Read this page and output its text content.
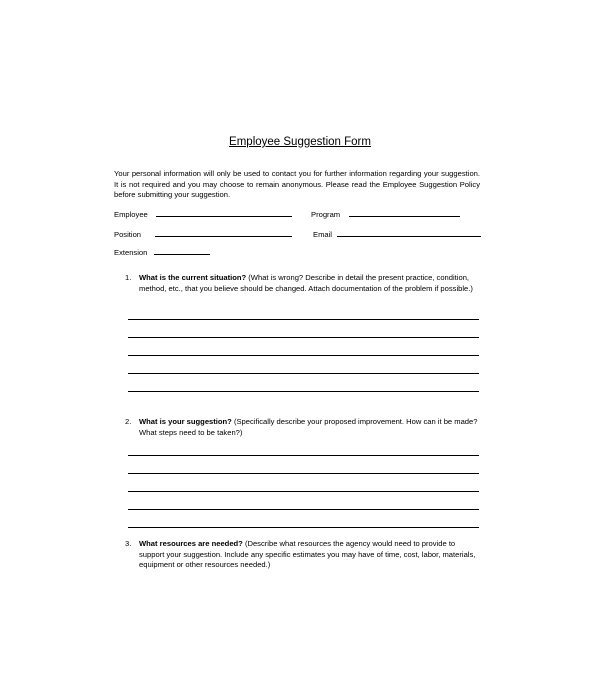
Employee Suggestion Form
Your personal information will only be used to contact you for further information regarding your suggestion. It is not required and you may choose to remain anonymous. Please read the Employee Suggestion Policy before submitting your suggestion.
Employee	Program
Position	Email
Extension
1. What is the current situation? (What is wrong? Describe in detail the present practice, condition, method, etc., that you believe should be changed. Attach documentation of the problem if possible.)
2. What is your suggestion? (Specifically describe your proposed improvement. How can it be made? What steps need to be taken?)
3. What resources are needed? (Describe what resources the agency would need to provide to support your suggestion. Include any specific estimates you may have of time, cost, labor, materials, equipment or other resources needed.)
